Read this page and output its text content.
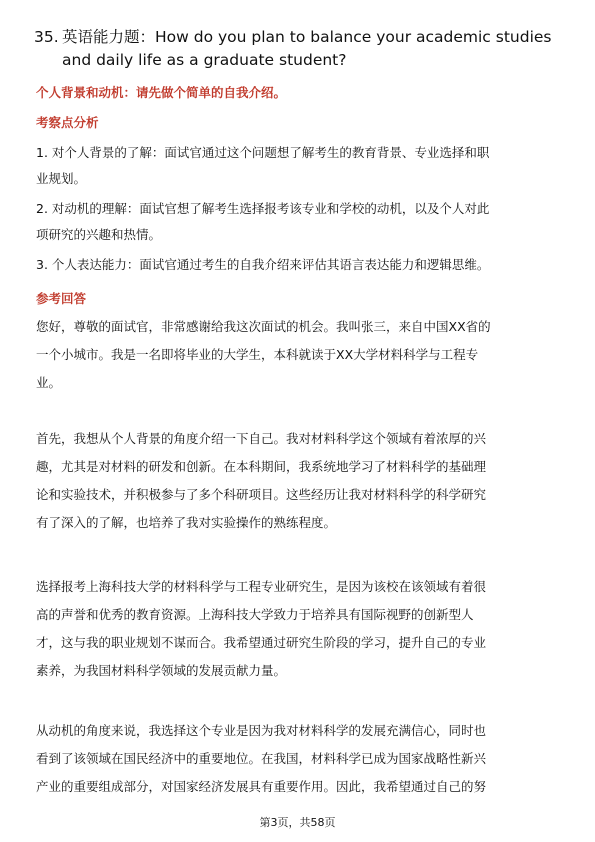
35. 英语能力题：How do you plan to balance your academic studies
and daily life as a graduate student?
个人背景和动机：请先做个简单的自我介绍。
考察点分析
1. 对个人背景的了解：面试官通过这个问题想了解考生的教育背景、专业选择和职
业规划。
2. 对动机的理解：面试官想了解考生选择报考该专业和学校的动机，以及个人对此
项研究的兴趣和热情。
3. 个人表达能力：面试官通过考生的自我介绍来评估其语言表达能力和逻辑思维。
参考回答
您好，尊敬的面试官，非常感谢给我这次面试的机会。我叫张三，来自中国XX省的
一个小城市。我是一名即将毕业的大学生，本科就读于XX大学材料科学与工程专
业。
首先，我想从个人背景的角度介绍一下自己。我对材料科学这个领域有着浓厚的兴
趣，尤其是对材料的研发和创新。在本科期间，我系统地学习了材料科学的基础理
论和实验技术，并积极参与了多个科研项目。这些经历让我对材料科学的科学研究
有了深入的了解，也培养了我对实验操作的熟练程度。
选择报考上海科技大学的材料科学与工程专业研究生，是因为该校在该领域有着很
高的声誉和优秀的教育资源。上海科技大学致力于培养具有国际视野的创新型人
才，这与我的职业规划不谋而合。我希望通过研究生阶段的学习，提升自己的专业
素养，为我国材料科学领域的发展贡献力量。
从动机的角度来说，我选择这个专业是因为我对材料科学的发展充满信心，同时也
看到了该领域在国民经济中的重要地位。在我国，材料科学已成为国家战略性新兴
产业的重要组成部分，对国家经济发展具有重要作用。因此，我希望通过自己的努
第3页，共58页
